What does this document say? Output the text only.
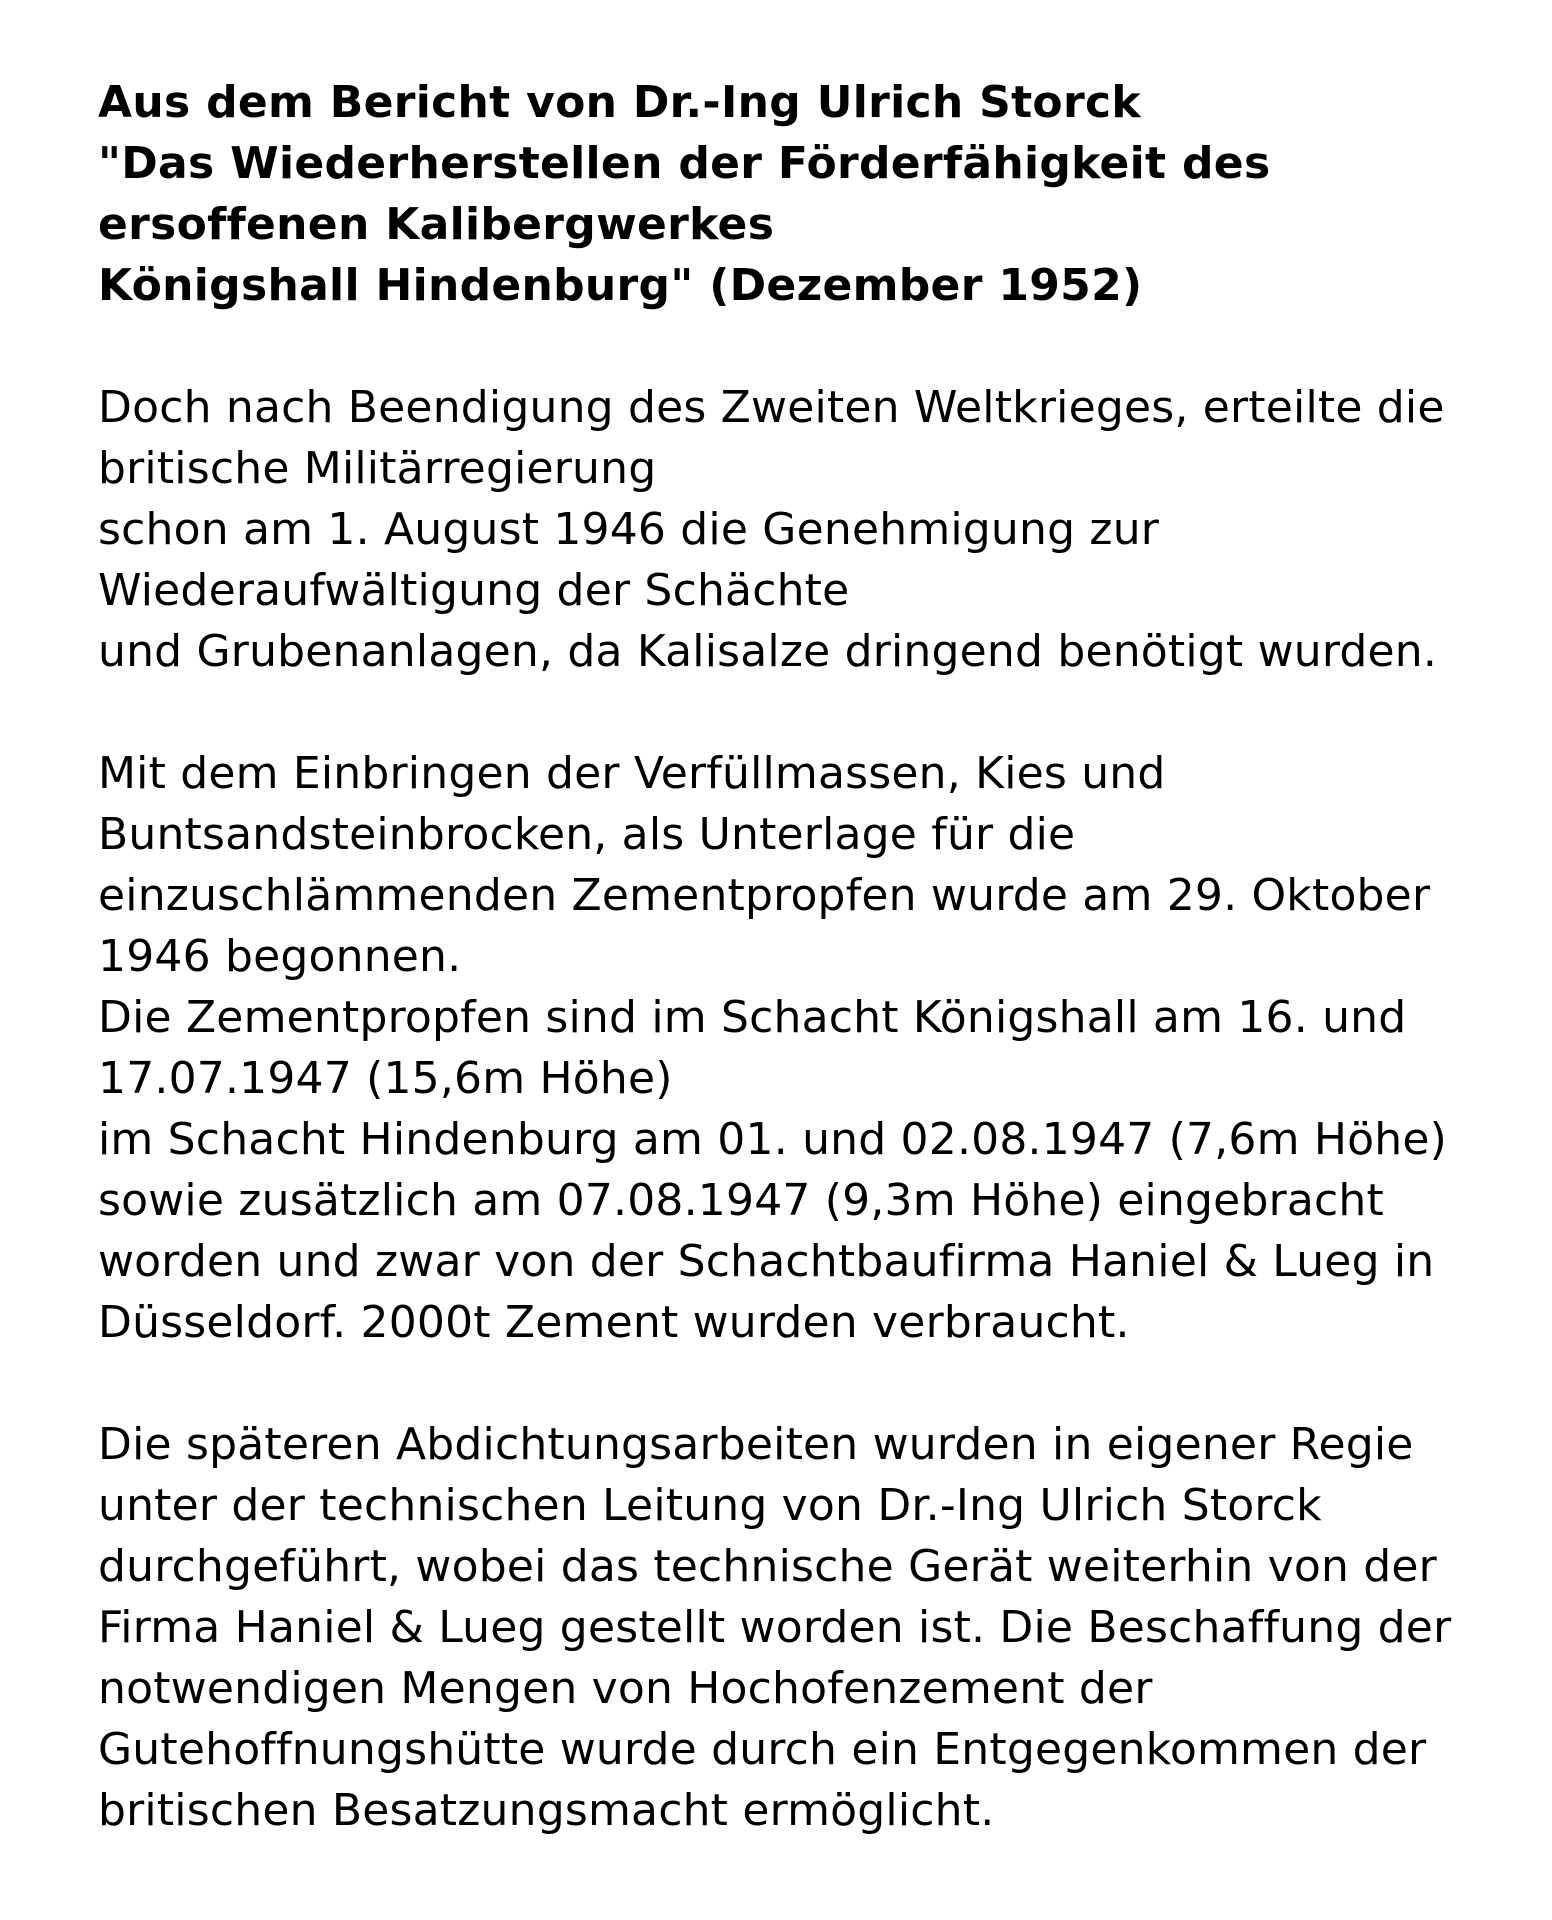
Aus dem Bericht von Dr.-Ing Ulrich Storck
"Das Wiederherstellen der Förderfähigkeit des
ersoffenen Kalibergwerkes
Königshall Hindenburg" (Dezember 1952)
Doch nach Beendigung des Zweiten Weltkrieges, erteilte die
britische Militärregierung
schon am 1. August 1946 die Genehmigung zur
Wiederaufwältigung der Schächte
und Grubenanlagen, da Kalisalze dringend benötigt wurden.
Mit dem Einbringen der Verfüllmassen, Kies und
Buntsandsteinbrocken, als Unterlage für die
einzuschlämmenden Zementpropfen wurde am 29. Oktober
1946 begonnen.
Die Zementpropfen sind im Schacht Königshall am 16. und
17.07.1947 (15,6m Höhe)
im Schacht Hindenburg am 01. und 02.08.1947 (7,6m Höhe)
sowie zusätzlich am 07.08.1947 (9,3m Höhe) eingebracht
worden und zwar von der Schachtbaufirma Haniel & Lueg in
Düsseldorf. 2000t Zement wurden verbraucht.
Die späteren Abdichtungsarbeiten wurden in eigener Regie
unter der technischen Leitung von Dr.-Ing Ulrich Storck
durchgeführt, wobei das technische Gerät weiterhin von der
Firma Haniel & Lueg gestellt worden ist. Die Beschaffung der
notwendigen Mengen von Hochofenzement der
Gutehoffnungshütte wurde durch ein Entgegenkommen der
britischen Besatzungsmacht ermöglicht.
